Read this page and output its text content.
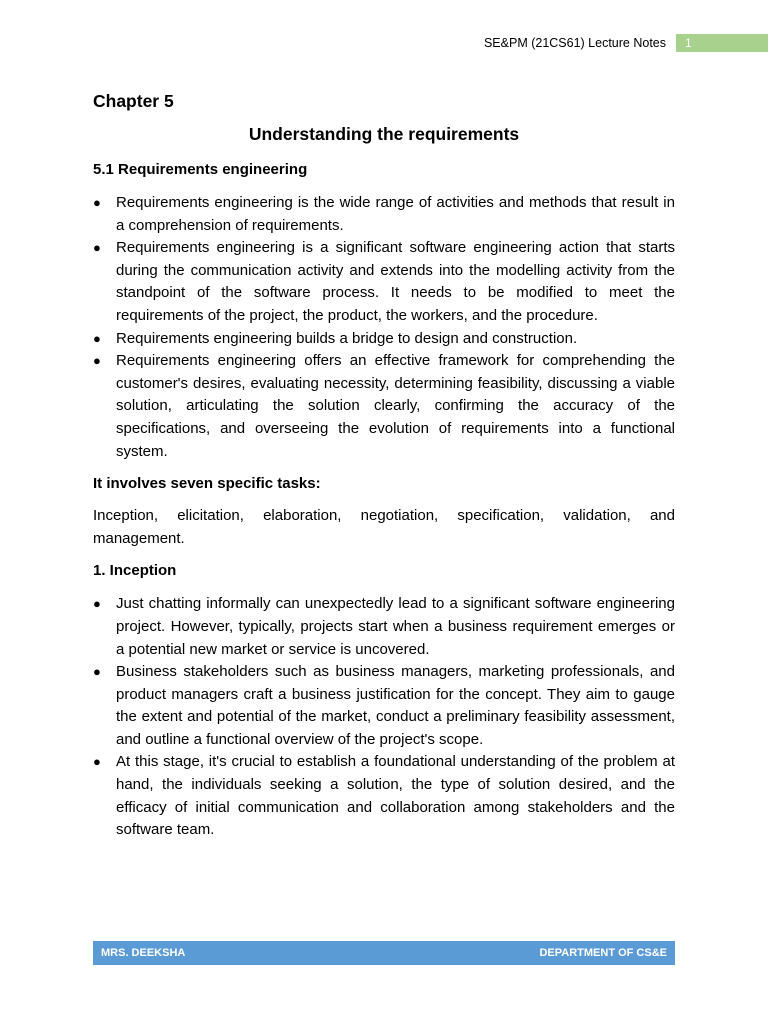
SE&PM (21CS61) Lecture Notes	1
Chapter 5
Understanding the requirements
5.1 Requirements engineering
● Requirements engineering is the wide range of activities and methods that result in a comprehension of requirements.
● Requirements engineering is a significant software engineering action that starts during the communication activity and extends into the modelling activity from the standpoint of the software process. It needs to be modified to meet the requirements of the project, the product, the workers, and the procedure.
● Requirements engineering builds a bridge to design and construction.
● Requirements engineering offers an effective framework for comprehending the customer's desires, evaluating necessity, determining feasibility, discussing a viable solution, articulating the solution clearly, confirming the accuracy of the specifications, and overseeing the evolution of requirements into a functional system.
It involves seven specific tasks:

Inception, elicitation, elaboration, negotiation, specification, validation, and management.

1. Inception
● Just chatting informally can unexpectedly lead to a significant software engineering project. However, typically, projects start when a business requirement emerges or a potential new market or service is uncovered.
● Business stakeholders such as business managers, marketing professionals, and product managers craft a business justification for the concept. They aim to gauge the extent and potential of the market, conduct a preliminary feasibility assessment, and outline a functional overview of the project's scope.
● At this stage, it's crucial to establish a foundational understanding of the problem at hand, the individuals seeking a solution, the type of solution desired, and the efficacy of initial communication and collaboration among stakeholders and the software team.
MRS. DEEKSHA	DEPARTMENT OF CS&E
